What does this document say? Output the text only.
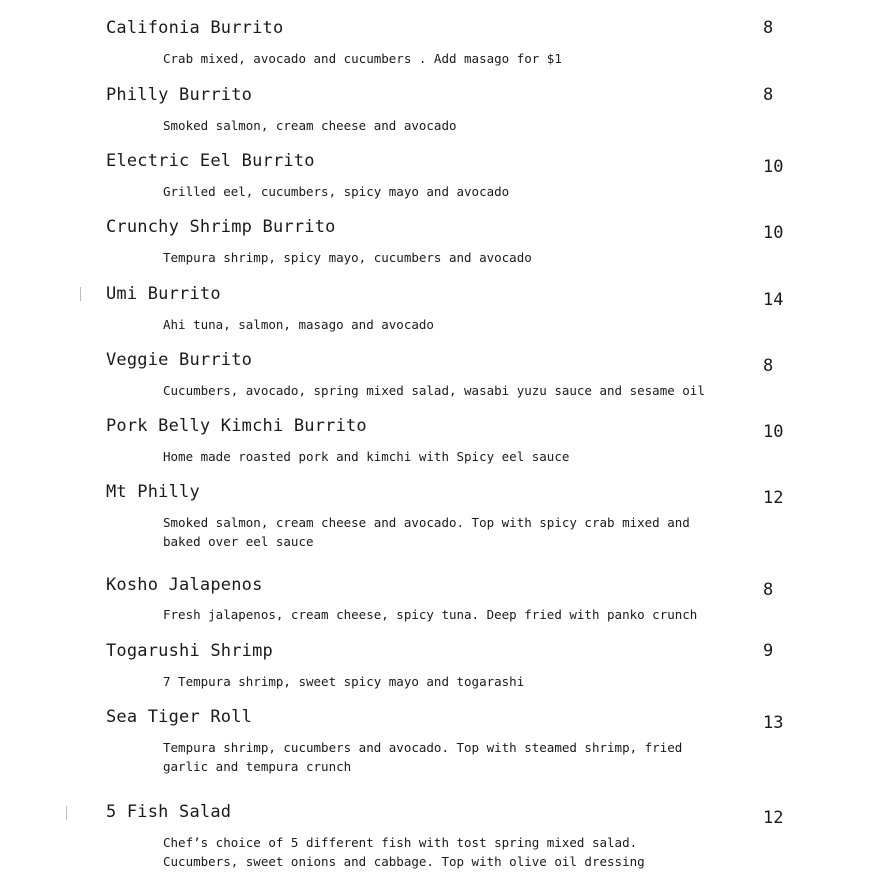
Califonia Burrito	8
Crab mixed, avocado and cucumbers . Add masago for $1
Philly Burrito	8
Smoked salmon, cream cheese and avocado
Electric Eel Burrito	10
Grilled eel, cucumbers, spicy mayo and avocado
Crunchy Shrimp Burrito	10
Tempura shrimp, spicy mayo, cucumbers and avocado
Umi Burrito	14
Ahi tuna, salmon, masago and avocado
Veggie Burrito	8
Cucumbers, avocado, spring mixed salad, wasabi yuzu sauce and sesame oil
Pork Belly Kimchi Burrito	10
Home made roasted pork and kimchi with Spicy eel sauce
Mt Philly	12
Smoked salmon, cream cheese and avocado. Top with spicy crab mixed and
baked over eel sauce
Kosho Jalapenos	8
Fresh jalapenos, cream cheese, spicy tuna. Deep fried with panko crunch
Togarushi Shrimp	9
7 Tempura shrimp, sweet spicy mayo and togarashi
Sea Tiger Roll	13
Tempura shrimp, cucumbers and avocado. Top with steamed shrimp, fried
garlic and tempura crunch
5 Fish Salad	12
Chef’s choice of 5 different fish with tost spring mixed salad.
Cucumbers, sweet onions and cabbage. Top with olive oil dressing
